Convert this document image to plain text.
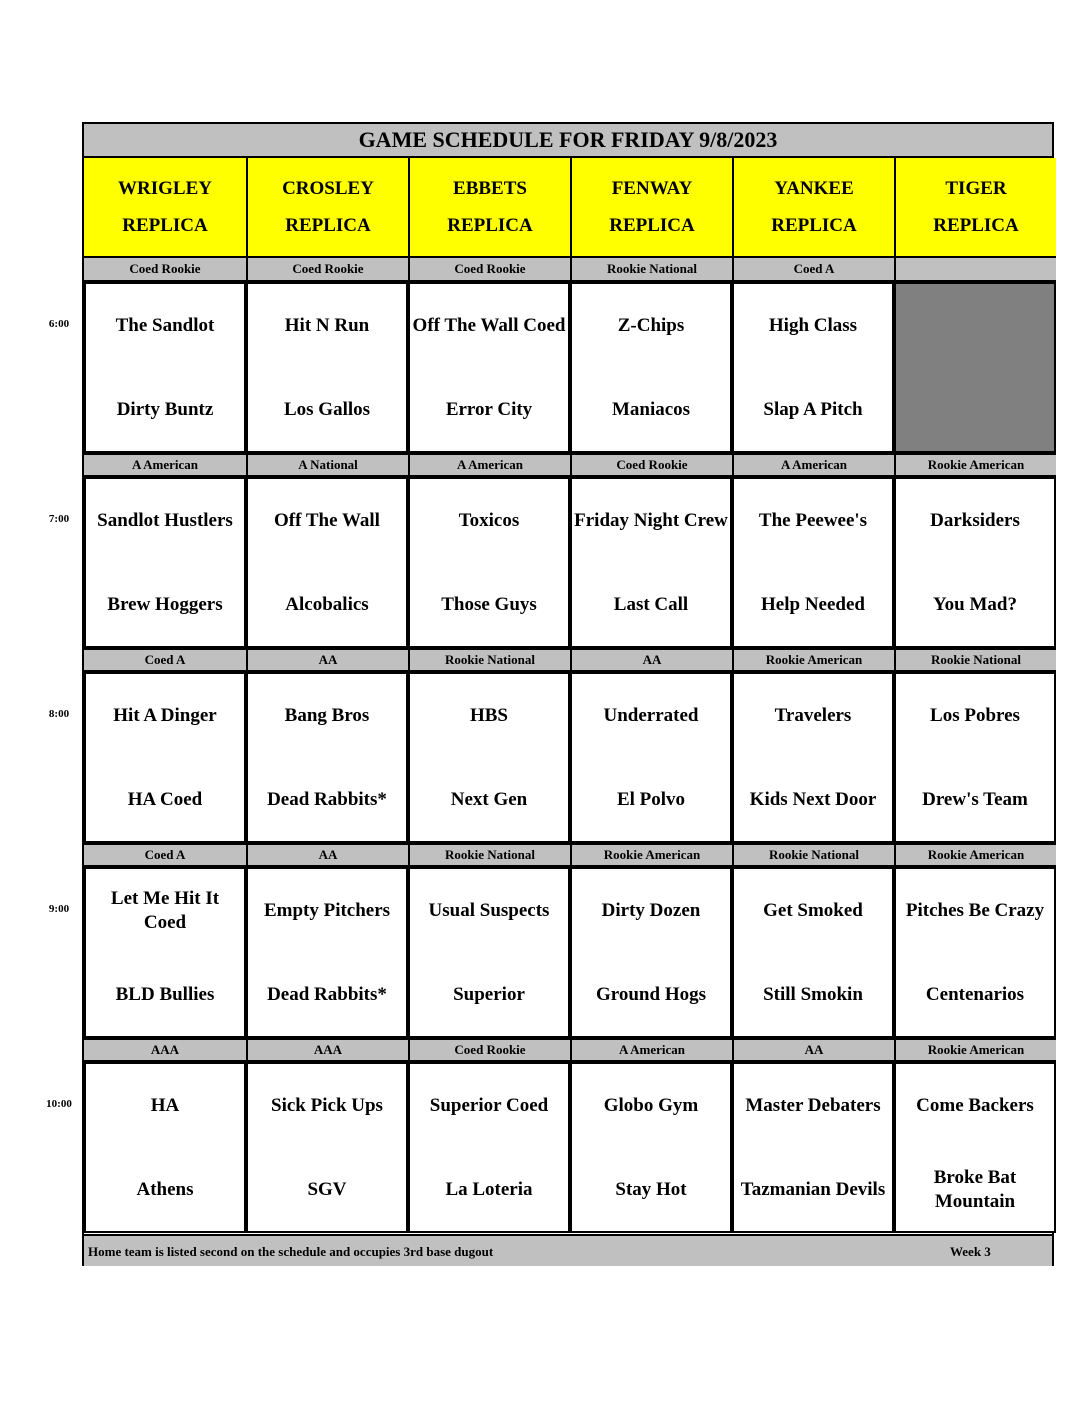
GAME SCHEDULE FOR FRIDAY 9/8/2023
Home team is listed second on the schedule and occupies 3rd base dugout	Week 3
WRIGLEY
REPLICA
CROSLEY
REPLICA
EBBETS
REPLICA
FENWAY
REPLICA
YANKEE
REPLICA
TIGER
REPLICA
Coed Rookie
The Sandlot
Dirty Buntz
Coed Rookie
Hit N Run
Los Gallos
Coed Rookie
Off The Wall Coed
Error City
Rookie National
Z-Chips
Maniacos
Coed A
High Class
Slap A Pitch
A American
Sandlot Hustlers
Brew Hoggers
A National
Off The Wall
Alcobalics
A American
Toxicos
Those Guys
Coed Rookie
Friday Night Crew
Last Call
A American
The Peewee's
Help Needed
Rookie American
Darksiders
You Mad?
Coed A
Hit A Dinger
HA Coed
AA
Bang Bros
Dead Rabbits*
Rookie National
HBS
Next Gen
AA
Underrated
El Polvo
Rookie American
Travelers
Kids Next Door
Rookie National
Los Pobres
Drew's Team
Coed A
Let Me Hit It Coed
BLD Bullies
AA
Empty Pitchers
Dead Rabbits*
Rookie National
Usual Suspects
Superior
Rookie American
Dirty Dozen
Ground Hogs
Rookie National
Get Smoked
Still Smokin
Rookie American
Pitches Be Crazy
Centenarios
AAA
HA
Athens
AAA
Sick Pick Ups
SGV
Coed Rookie
Superior Coed
La Loteria
A American
Globo Gym
Stay Hot
AA
Master Debaters
Tazmanian Devils
Rookie American
Come Backers
Broke Bat Mountain
6:00
7:00
8:00
9:00
10:00
